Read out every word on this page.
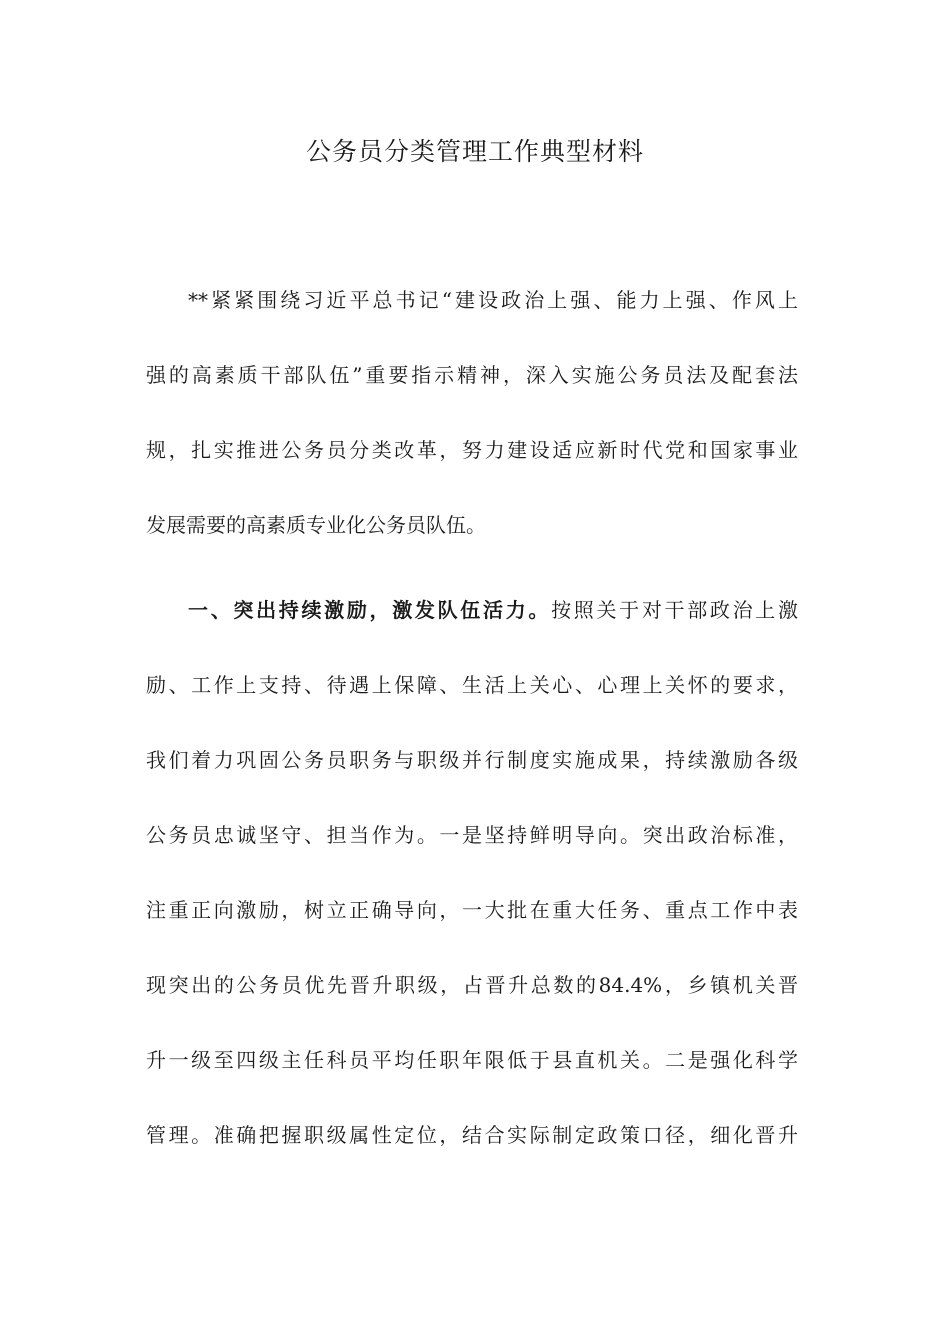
公务员分类管理工作典型材料
**紧紧围绕习近平总书记“建设政治上强、能力上强、作风上
强的高素质干部队伍”重要指示精神，深入实施公务员法及配套法
规，扎实推进公务员分类改革，努力建设适应新时代党和国家事业
发展需要的高素质专业化公务员队伍。
一、突出持续激励，激发队伍活力。按照关于对干部政治上激
励、工作上支持、待遇上保障、生活上关心、心理上关怀的要求，
我们着力巩固公务员职务与职级并行制度实施成果，持续激励各级
公务员忠诚坚守、担当作为。一是坚持鲜明导向。突出政治标准，
注重正向激励，树立正确导向，一大批在重大任务、重点工作中表
现突出的公务员优先晋升职级，占晋升总数的84.4%，乡镇机关晋
升一级至四级主任科员平均任职年限低于县直机关。二是强化科学
管理。准确把握职级属性定位，结合实际制定政策口径，细化晋升
